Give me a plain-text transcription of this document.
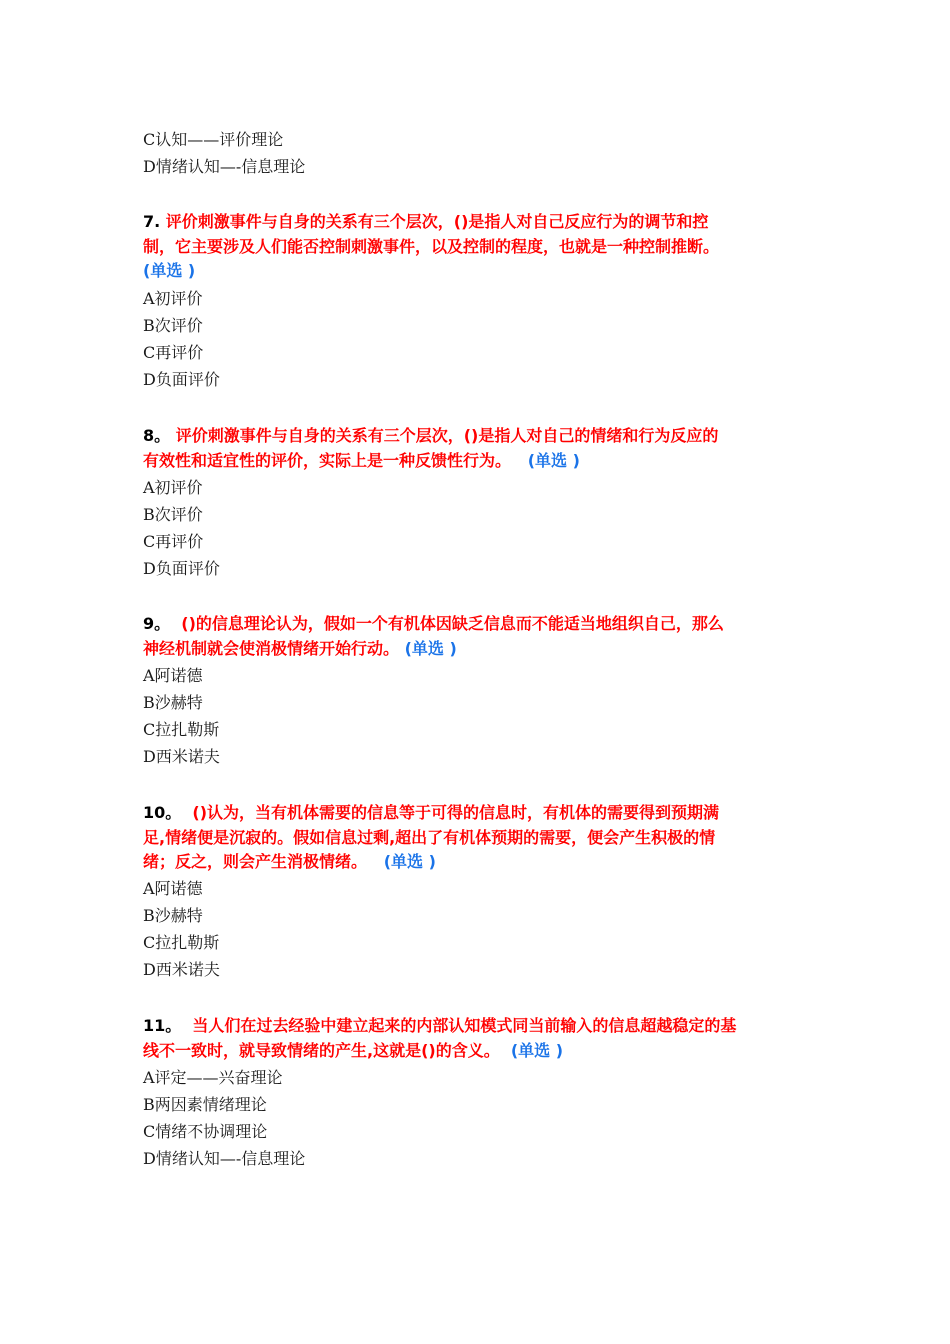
C认知——评价理论
D情绪认知—-信息理论
7. 评价刺激事件与自身的关系有三个层次，()是指人对自己反应行为的调节和控
制，它主要涉及人们能否控制刺激事件，以及控制的程度，也就是一种控制推断。
(单选 )
A初评价
B次评价
C再评价
D负面评价
8。 评价刺激事件与自身的关系有三个层次，()是指人对自己的情绪和行为反应的
有效性和适宜性的评价，实际上是一种反馈性行为。 (单选 )
A初评价
B次评价
C再评价
D负面评价
9。 ()的信息理论认为，假如一个有机体因缺乏信息而不能适当地组织自己，那么
神经机制就会使消极情绪开始行动。 (单选 )
A阿诺德
B沙赫特
C拉扎勒斯
D西米诺夫
10。 ()认为，当有机体需要的信息等于可得的信息时，有机体的需要得到预期满
足,情绪便是沉寂的。假如信息过剩,超出了有机体预期的需要，便会产生积极的情
绪；反之，则会产生消极情绪。 (单选 )
A阿诺德
B沙赫特
C拉扎勒斯
D西米诺夫
11。 当人们在过去经验中建立起来的内部认知模式同当前输入的信息超越稳定的基
线不一致时，就导致情绪的产生,这就是()的含义。 (单选 )
A评定——兴奋理论
B两因素情绪理论
C情绪不协调理论
D情绪认知—-信息理论
